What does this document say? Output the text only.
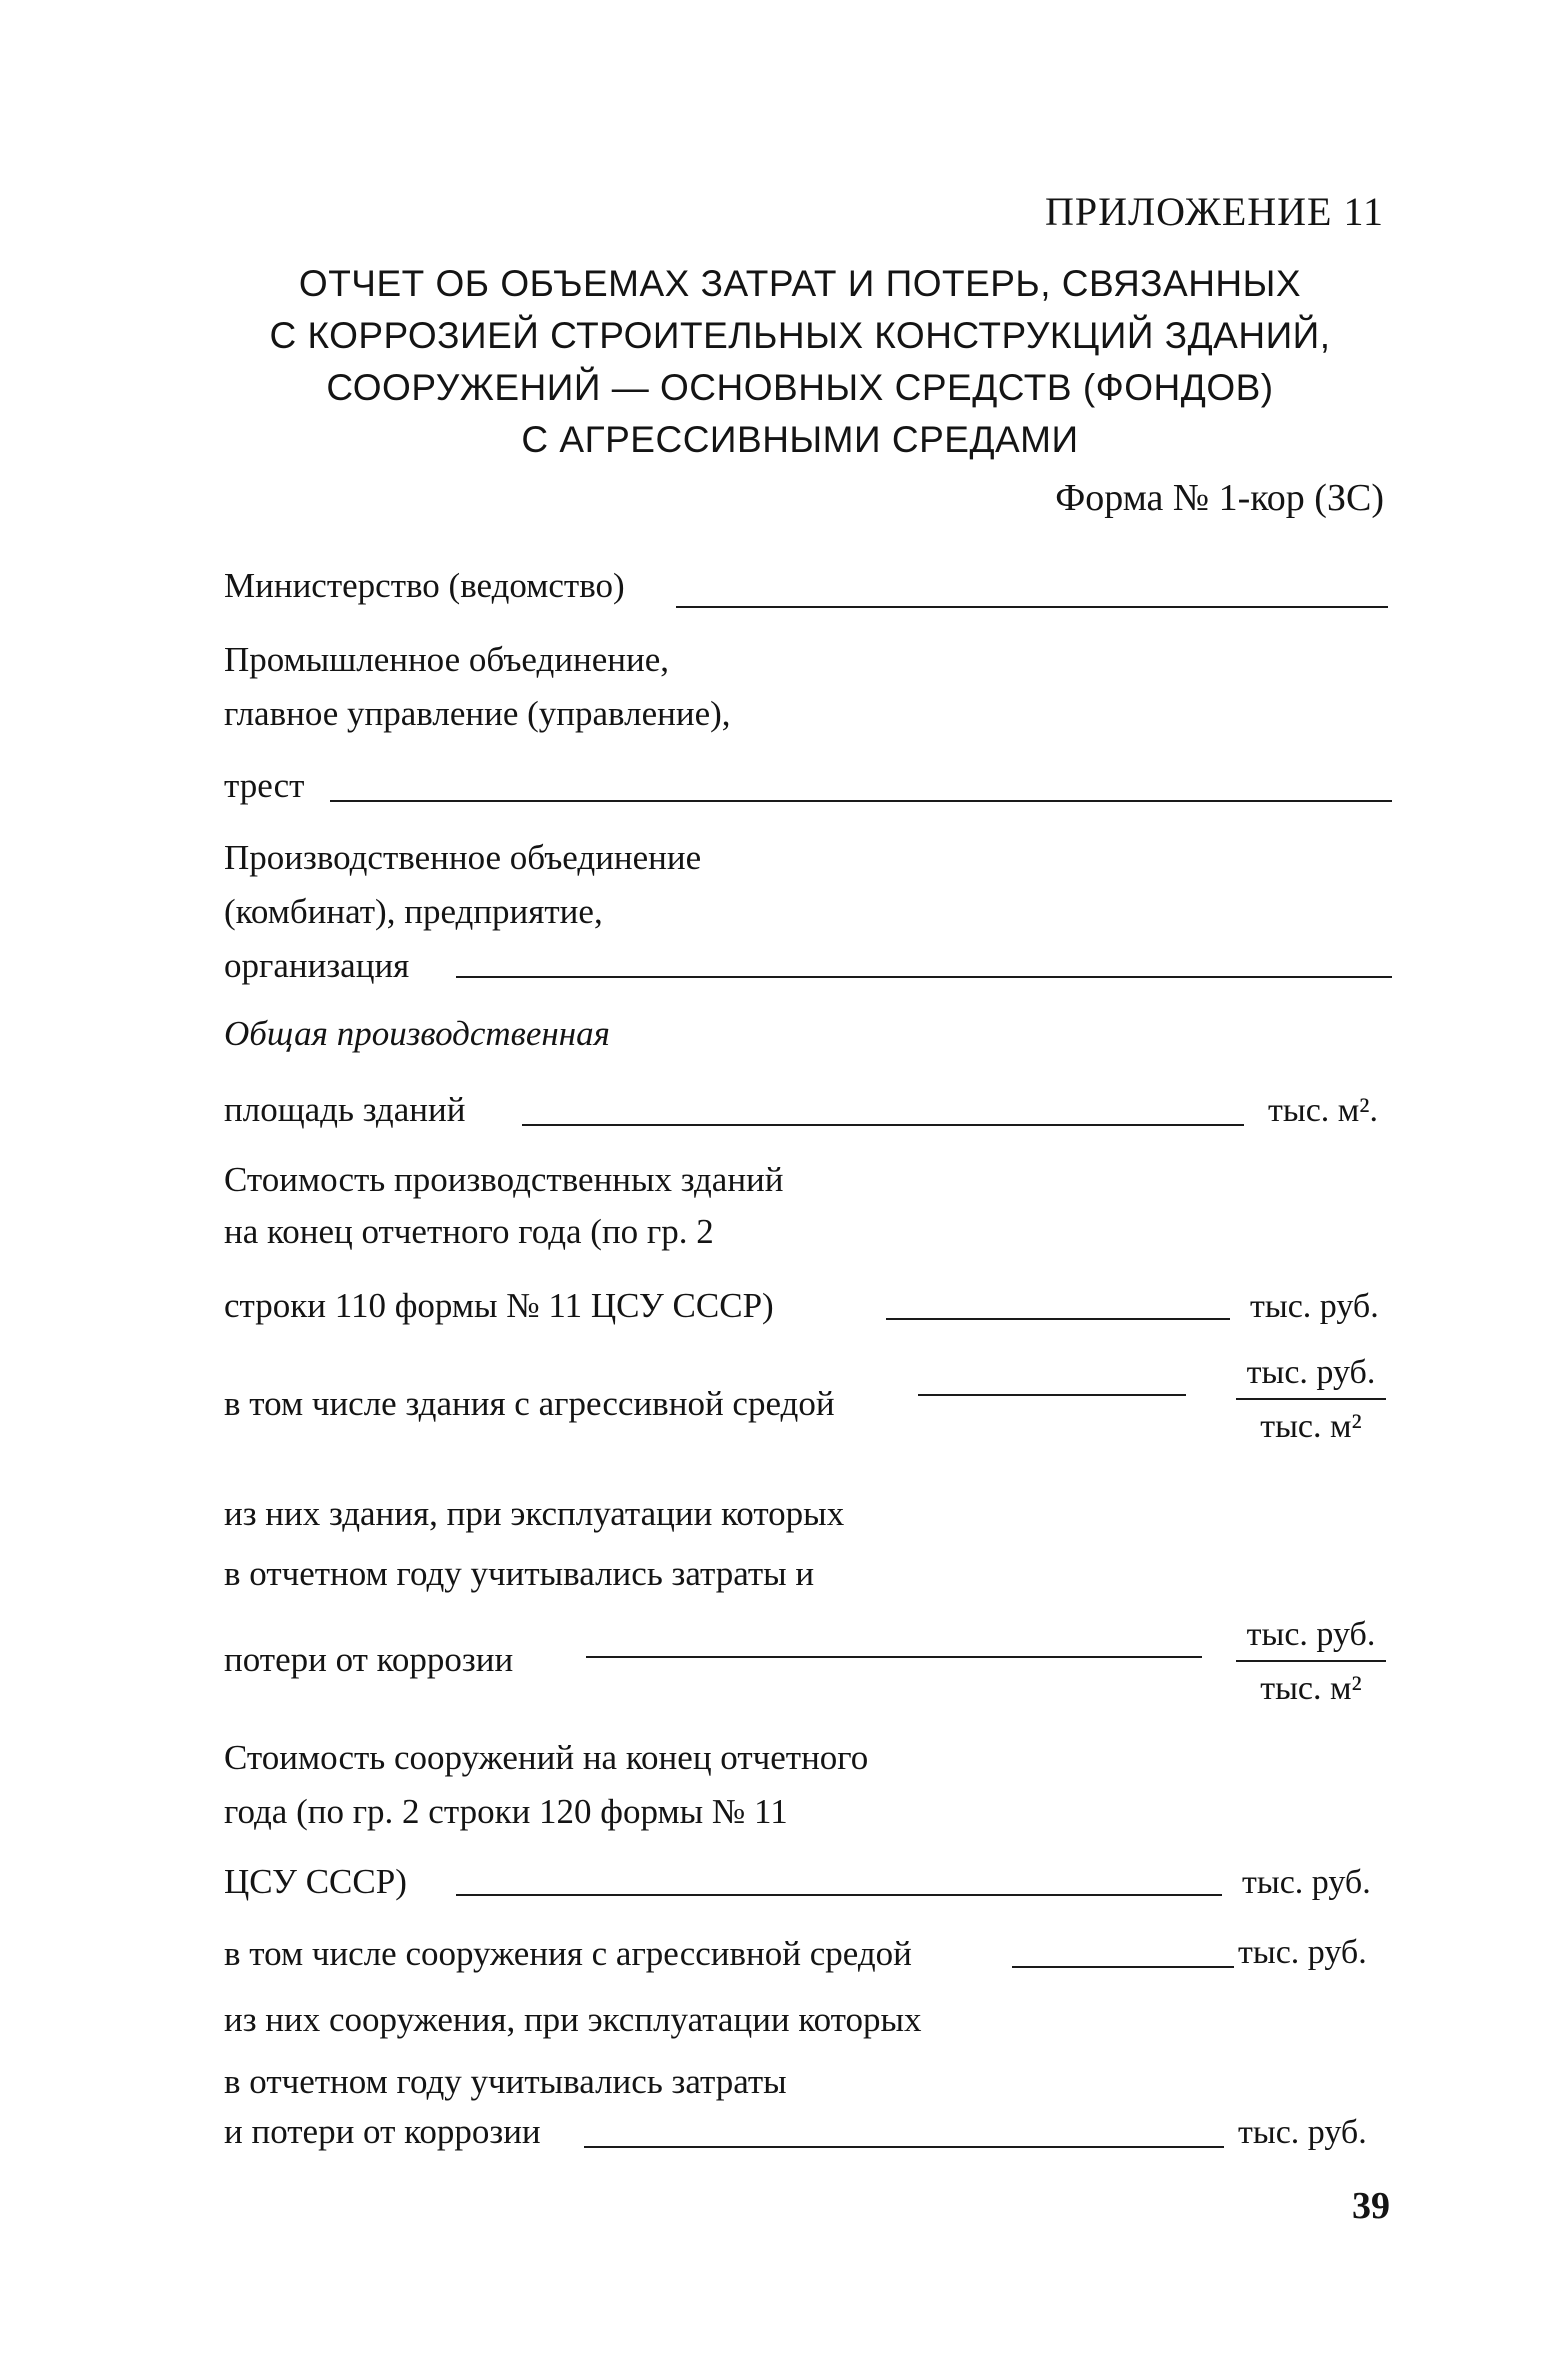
ПРИЛОЖЕНИЕ 11
ОТЧЕТ ОБ ОБЪЕМАХ ЗАТРАТ И ПОТЕРЬ, СВЯЗАННЫХ
С КОРРОЗИЕЙ СТРОИТЕЛЬНЫХ КОНСТРУКЦИЙ ЗДАНИЙ,
СООРУЖЕНИЙ — ОСНОВНЫХ СРЕДСТВ (ФОНДОВ)
С АГРЕССИВНЫМИ СРЕДАМИ
Форма № 1-кор (ЗС)
Министерство (ведомство)
Промышленное объединение,
главное управление (управление),
трест
Производственное объединение
(комбинат), предприятие,
организация
Общая производственная
площадь зданий	тыс. м².
Стоимость производственных зданий
на конец отчетного года (по гр. 2
строки 110 формы № 11 ЦСУ СССР)	тыс. руб.
в том числе здания с агрессивной средой
тыс. руб.
тыс. м²
из них здания, при эксплуатации которых
в отчетном году учитывались затраты и
потери от коррозии
тыс. руб.
тыс. м²
Стоимость сооружений на конец отчетного
года (по гр. 2 строки 120 формы № 11
ЦСУ СССР)	тыс. руб.
в том числе сооружения с агрессивной средой	тыс. руб.
из них сооружения, при эксплуатации которых
в отчетном году учитывались затраты
и потери от коррозии	тыс. руб.
39
